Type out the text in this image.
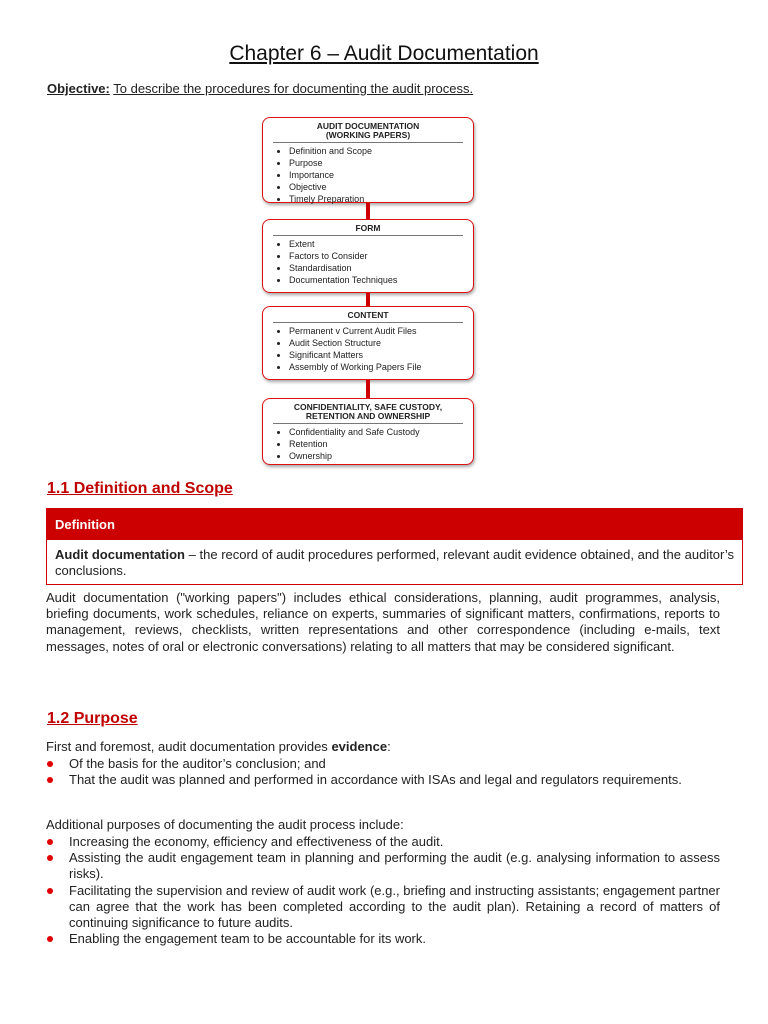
Chapter 6 – Audit Documentation
Objective: To describe the procedures for documenting the audit process.
AUDIT DOCUMENTATION
(WORKING PAPERS)
• Definition and Scope
• Purpose
• Importance
• Objective
• Timely Preparation
FORM
• Extent
• Factors to Consider
• Standardisation
• Documentation Techniques
CONTENT
• Permanent v Current Audit Files
• Audit Section Structure
• Significant Matters
• Assembly of Working Papers File
CONFIDENTIALITY, SAFE CUSTODY,
RETENTION AND OWNERSHIP
• Confidentiality and Safe Custody
• Retention
• Ownership
1.1 Definition and Scope
Definition
Audit documentation – the record of audit procedures performed, relevant audit evidence obtained, and the auditor’s conclusions.

Audit documentation ("working papers") includes ethical considerations, planning, audit programmes, analysis, briefing documents, work schedules, reliance on experts, summaries of significant matters, confirmations, reports to management, reviews, checklists, written representations and other correspondence (including e-mails, text messages, notes of oral or electronic conversations) relating to all matters that may be considered significant.

1.2 Purpose

First and foremost, audit documentation provides evidence:

Of the basis for the auditor’s conclusion; and
That the audit was planned and performed in accordance with ISAs and legal and regulators requirements.

Additional purposes of documenting the audit process include:

Increasing the economy, efficiency and effectiveness of the audit.
Assisting the audit engagement team in planning and performing the audit (e.g. analysing information to assess risks).
Facilitating the supervision and review of audit work (e.g., briefing and instructing assistants; engagement partner can agree that the work has been completed according to the audit plan). Retaining a record of matters of continuing significance to future audits.
Enabling the engagement team to be accountable for its work.
